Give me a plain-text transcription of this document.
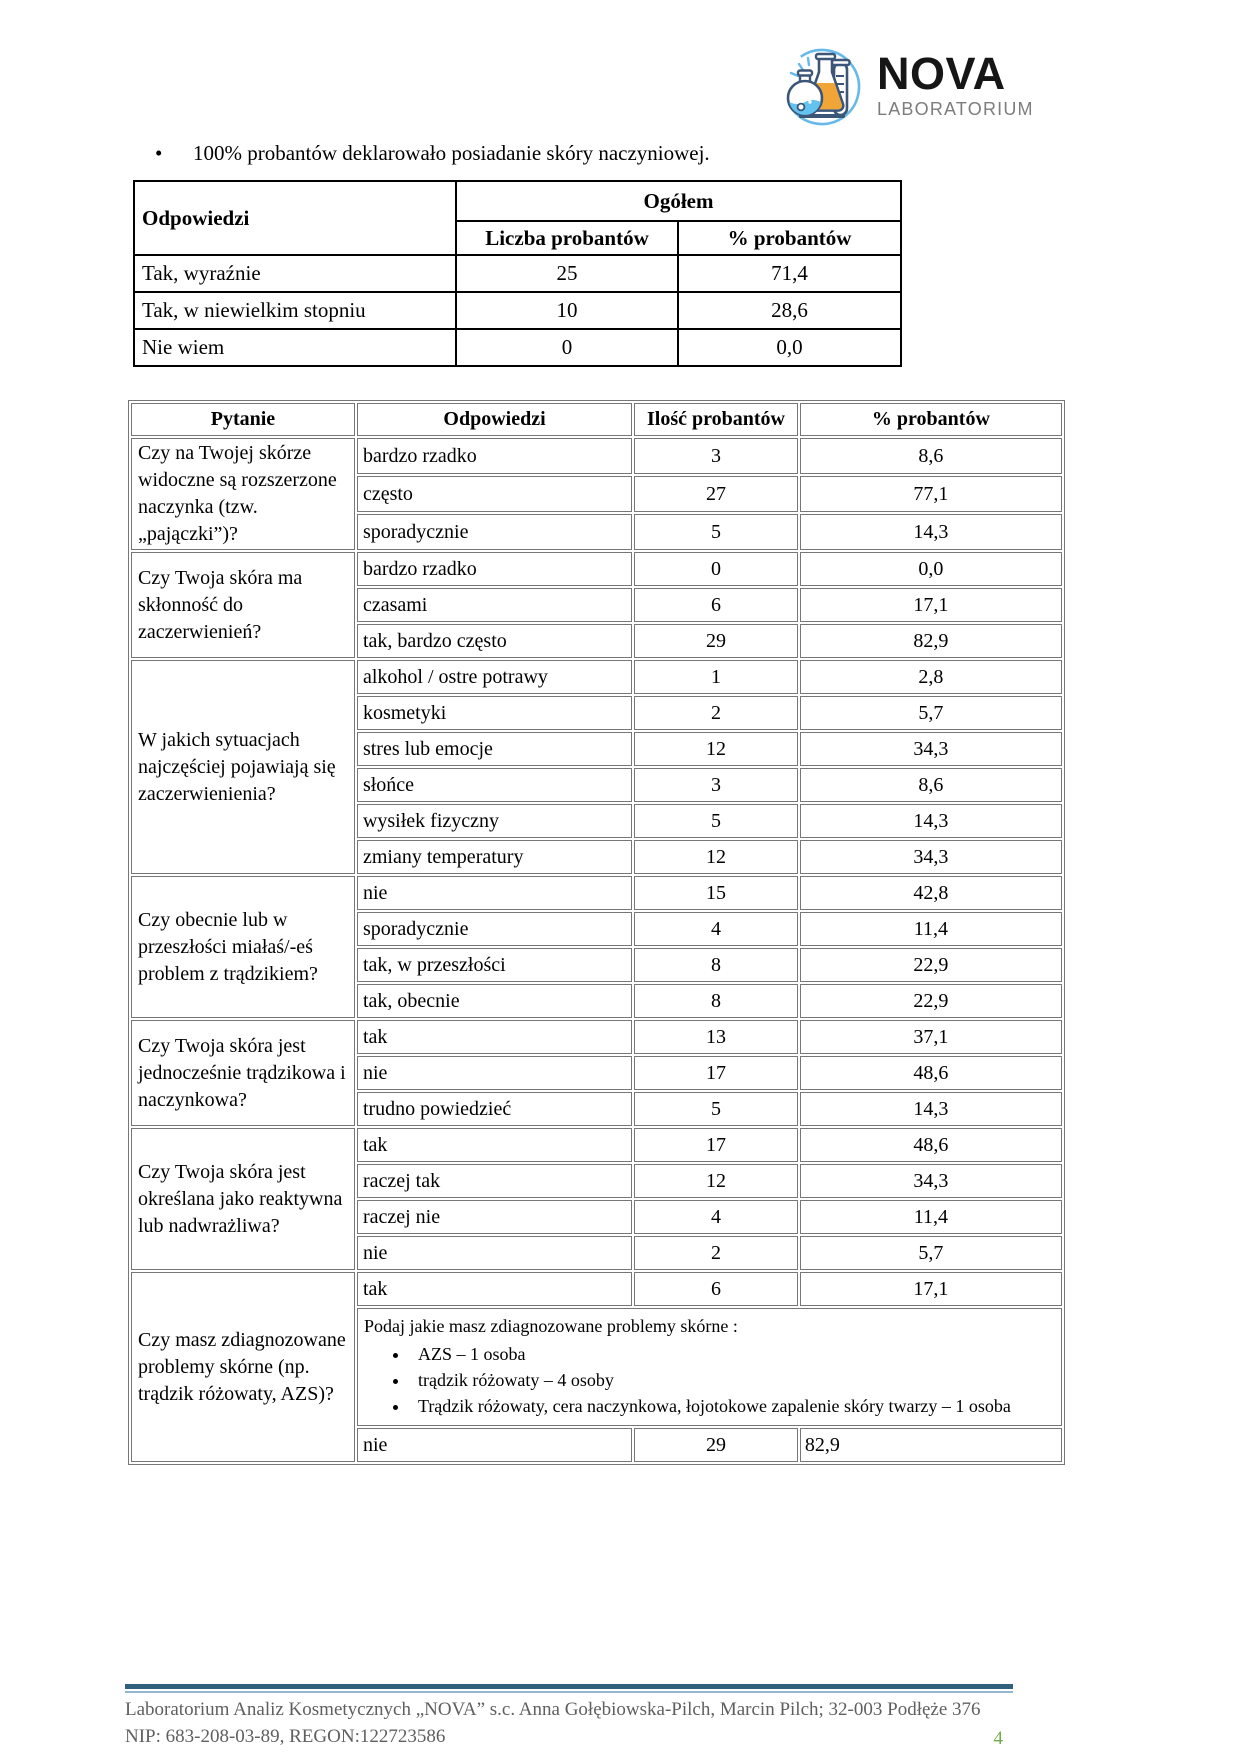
NOVA
LABORATORIUM
• 100% probantów deklarowało posiadanie skóry naczyniowej.
Odpowiedzi	Ogółem	
	Liczba probantów	% probantów
Tak, wyraźnie	25	71,4
Tak, w niewielkim stopniu	10	28,6
Nie wiem	0	0,0
Pytanie	Odpowiedzi	Ilość probantów	% probantów
Czy na Twojej skórze widoczne są rozszerzone naczynka (tzw. „pajączki”)?	bardzo rzadko	3	8,6
	często	27	77,1
	sporadycznie	5	14,3
Czy Twoja skóra ma skłonność do zaczerwienień?	bardzo rzadko	0	0,0
	czasami	6	17,1
	tak, bardzo często	29	82,9
W jakich sytuacjach najczęściej pojawiają się zaczerwienienia?	alkohol / ostre potrawy	1	2,8
	kosmetyki	2	5,7
	stres lub emocje	12	34,3
	słońce	3	8,6
	wysiłek fizyczny	5	14,3
	zmiany temperatury	12	34,3
Czy obecnie lub w przeszłości miałaś/-eś problem z trądzikiem?	nie	15	42,8
	sporadycznie	4	11,4
	tak, w przeszłości	8	22,9
	tak, obecnie	8	22,9
Czy Twoja skóra jest jednocześnie trądzikowa i naczynkowa?	tak	13	37,1
	nie	17	48,6
	trudno powiedzieć	5	14,3
Czy Twoja skóra jest określana jako reaktywna lub nadwrażliwa?	tak	17	48,6
	raczej tak	12	34,3
	raczej nie	4	11,4
	nie	2	5,7
Czy masz zdiagnozowane problemy skórne (np. trądzik różowaty, AZS)?	tak	6	17,1

Podaj jakie masz zdiagnozowane problemy skórne :
• AZS – 1 osoba
• trądzik różowaty – 4 osoby
• Trądzik różowaty, cera naczynkowa, łojotokowe zapalenie skóry twarzy – 1 osoba

	nie	29	82,9
Laboratorium Analiz Kosmetycznych „NOVA” s.c. Anna Gołębiowska-Pilch, Marcin Pilch; 32-003 Podłęże 376
NIP: 683-208-03-89, REGON:122723586	4
